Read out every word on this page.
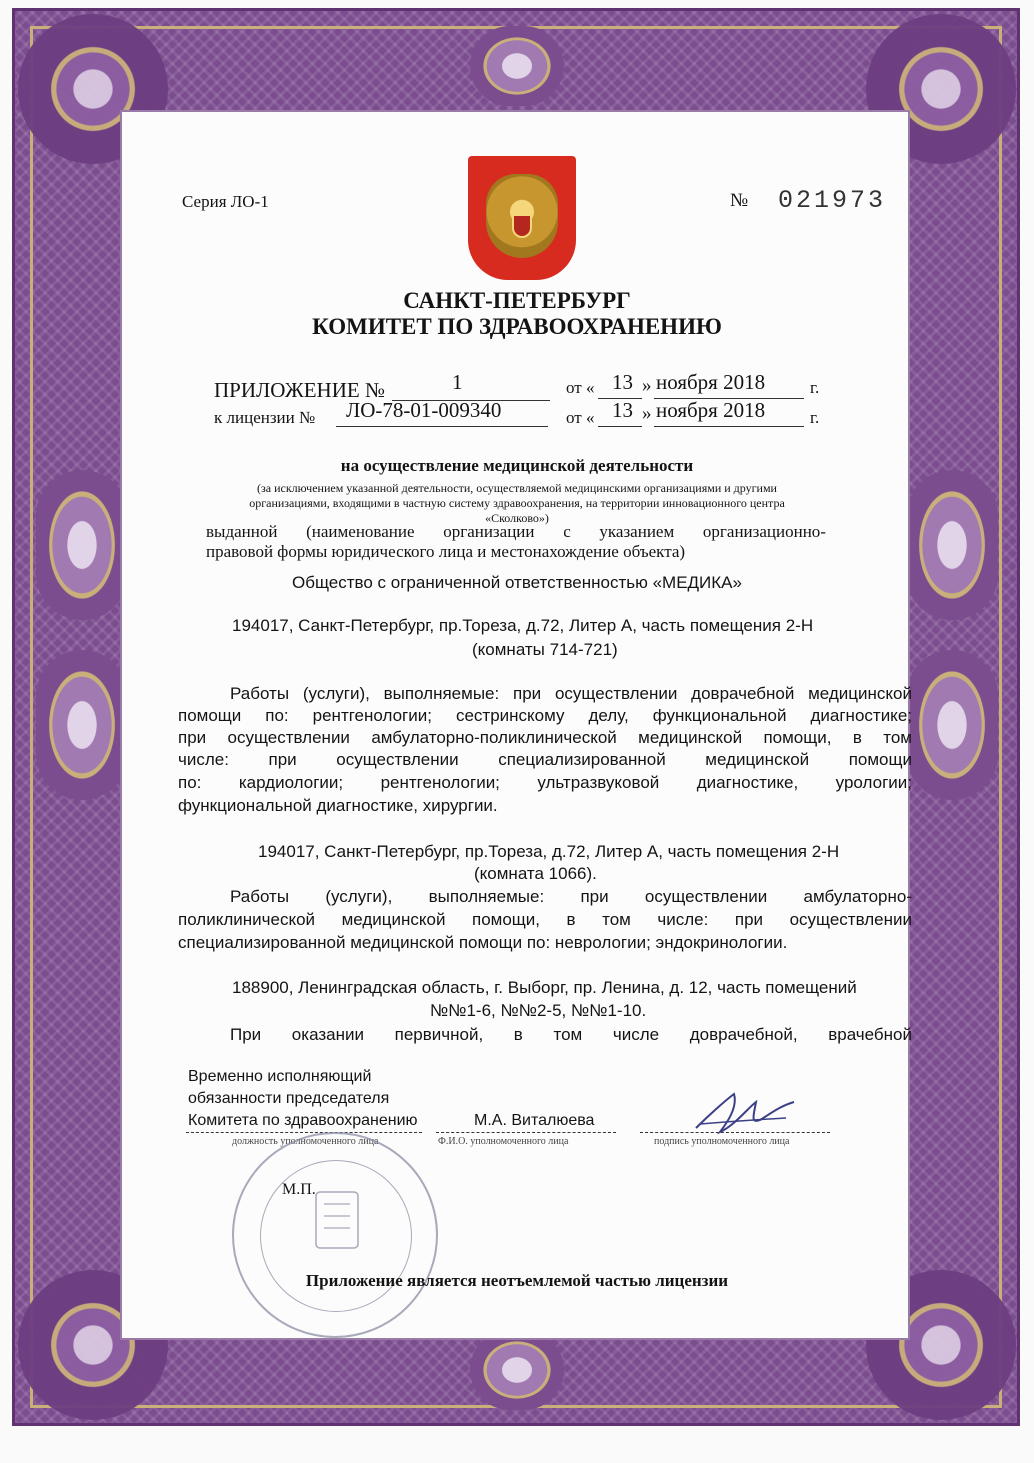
Серия ЛО-1	№ 021973
САНКТ-ПЕТЕРБУРГ
КОМИТЕТ ПО ЗДРАВООХРАНЕНИЮ
ПРИЛОЖЕНИЕ №	1	от « 13 » ноября 2018	г.
к лицензии № ЛО-78-01-009340	от « 13 » ноября 2018	г.
на осуществление медицинской деятельности
(за исключением указанной деятельности, осуществляемой медицинскими организациями и другими
организациями, входящими в частную систему здравоохранения, на территории инновационного центра
«Сколково»)
выданной (наименование организации с указанием организационно-
правовой формы юридического лица и местонахождение объекта)
Общество с ограниченной ответственностью «МЕДИКА»
194017, Санкт-Петербург, пр.Тореза, д.72, Литер А, часть помещения 2-Н
(комнаты 714-721)
Работы (услуги), выполняемые: при осуществлении доврачебной медицинской
помощи по: рентгенологии; сестринскому делу, функциональной диагностике;
при осуществлении амбулаторно-поликлинической медицинской помощи, в том
числе: при осуществлении специализированной медицинской помощи
по: кардиологии; рентгенологии; ультразвуковой диагностике, урологии;
функциональной диагностике, хирургии.
194017, Санкт-Петербург, пр.Тореза, д.72, Литер А, часть помещения 2-Н
(комната 1066).
Работы (услуги), выполняемые: при осуществлении амбулаторно-
поликлинической медицинской помощи, в том числе: при осуществлении
специализированной медицинской помощи по: неврологии; эндокринологии.
188900, Ленинградская область, г. Выборг, пр. Ленина, д. 12, часть помещений
№№1-6, №№2-5, №№1-10.
При оказании первичной, в том числе доврачебной, врачебной
Временно исполняющий
обязанности председателя
Комитета по здравоохранению	М.А. Виталюева
должность уполномоченного лица	Ф.И.О. уполномоченного лица	подпись уполномоченного лица
М.П.
Приложение является неотъемлемой частью лицензии
